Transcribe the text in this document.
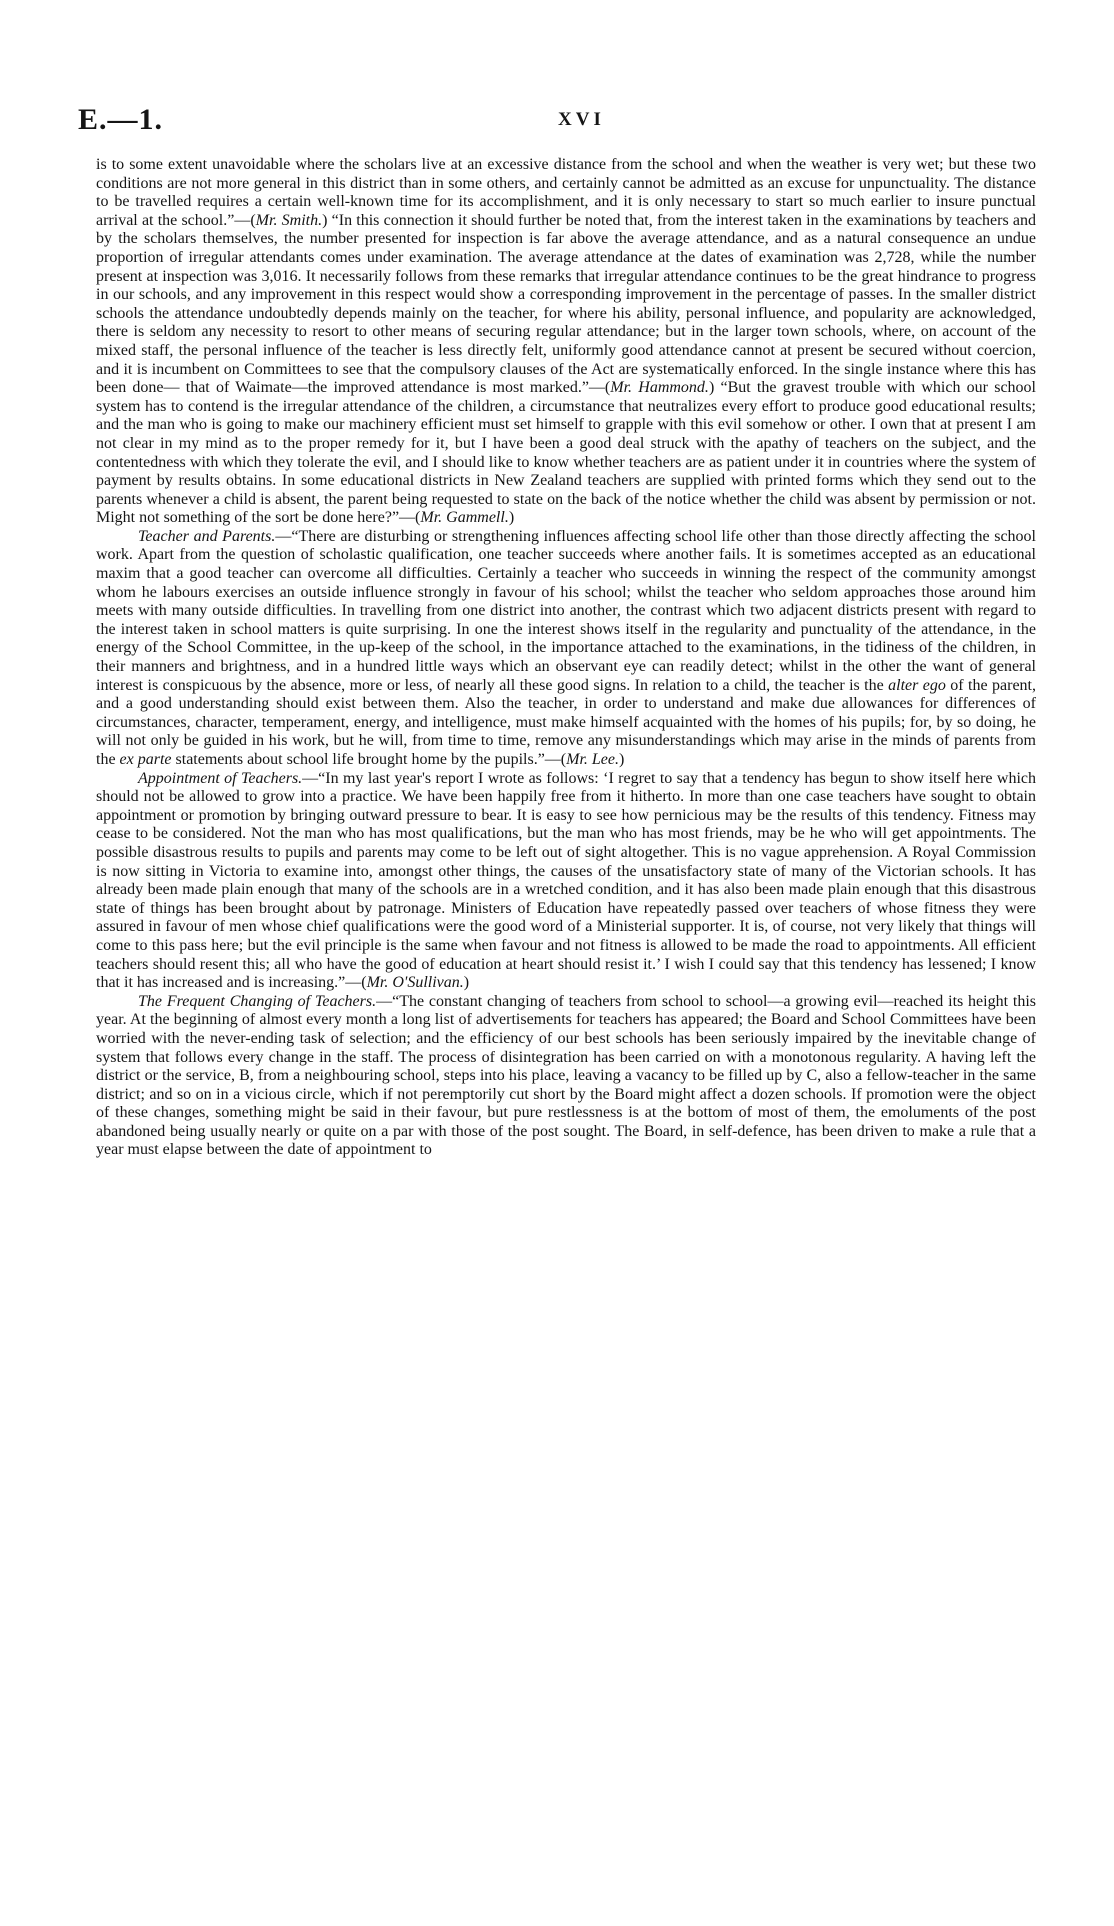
E.—1.	XVI

is to some extent unavoidable where the scholars live at an excessive distance from the school and when the weather is very wet; but these two conditions are not more general in this district than in some others, and certainly cannot be admitted as an excuse for unpunctuality. The distance to be travelled requires a certain well-known time for its accomplishment, and it is only necessary to start so much earlier to insure punctual arrival at the school.”—(Mr. Smith.) “In this connection it should further be noted that, from the interest taken in the examinations by teachers and by the scholars themselves, the number presented for inspection is far above the average attendance, and as a natural consequence an undue proportion of irregular attendants comes under examination. The average attendance at the dates of examination was 2,728, while the number present at inspection was 3,016. It necessarily follows from these remarks that irregular attendance continues to be the great hindrance to progress in our schools, and any improvement in this respect would show a corresponding improvement in the percentage of passes. In the smaller district schools the attendance undoubtedly depends mainly on the teacher, for where his ability, personal influence, and popularity are acknowledged, there is seldom any necessity to resort to other means of securing regular attendance; but in the larger town schools, where, on account of the mixed staff, the personal influence of the teacher is less directly felt, uniformly good attendance cannot at present be secured without coercion, and it is incumbent on Committees to see that the compulsory clauses of the Act are systematically enforced. In the single instance where this has been done— that of Waimate—the improved attendance is most marked.”—(Mr. Hammond.) “But the gravest trouble with which our school system has to contend is the irregular attendance of the children, a circumstance that neutralizes every effort to produce good educational results; and the man who is going to make our machinery efficient must set himself to grapple with this evil somehow or other. I own that at present I am not clear in my mind as to the proper remedy for it, but I have been a good deal struck with the apathy of teachers on the subject, and the contentedness with which they tolerate the evil, and I should like to know whether teachers are as patient under it in countries where the system of payment by results obtains. In some educational districts in New Zealand teachers are supplied with printed forms which they send out to the parents whenever a child is absent, the parent being requested to state on the back of the notice whether the child was absent by permission or not. Might not something of the sort be done here?”—(Mr. Gammell.)

Teacher and Parents.—“There are disturbing or strengthening influences affecting school life other than those directly affecting the school work. Apart from the question of scholastic qualification, one teacher succeeds where another fails. It is sometimes accepted as an educational maxim that a good teacher can overcome all difficulties. Certainly a teacher who succeeds in winning the respect of the community amongst whom he labours exercises an outside influence strongly in favour of his school; whilst the teacher who seldom approaches those around him meets with many outside difficulties. In travelling from one district into another, the contrast which two adjacent districts present with regard to the interest taken in school matters is quite surprising. In one the interest shows itself in the regularity and punctuality of the attendance, in the energy of the School Committee, in the up-keep of the school, in the importance attached to the examinations, in the tidiness of the children, in their manners and brightness, and in a hundred little ways which an observant eye can readily detect; whilst in the other the want of general interest is conspicuous by the absence, more or less, of nearly all these good signs. In relation to a child, the teacher is the alter ego of the parent, and a good understanding should exist between them. Also the teacher, in order to understand and make due allowances for differences of circumstances, character, temperament, energy, and intelligence, must make himself acquainted with the homes of his pupils; for, by so doing, he will not only be guided in his work, but he will, from time to time, remove any misunderstandings which may arise in the minds of parents from the ex parte statements about school life brought home by the pupils.”—(Mr. Lee.)

Appointment of Teachers.—“In my last year's report I wrote as follows: ‘I regret to say that a tendency has begun to show itself here which should not be allowed to grow into a practice. We have been happily free from it hitherto. In more than one case teachers have sought to obtain appointment or promotion by bringing outward pressure to bear. It is easy to see how pernicious may be the results of this tendency. Fitness may cease to be considered. Not the man who has most qualifications, but the man who has most friends, may be he who will get appointments. The possible disastrous results to pupils and parents may come to be left out of sight altogether. This is no vague apprehension. A Royal Commission is now sitting in Victoria to examine into, amongst other things, the causes of the unsatisfactory state of many of the Victorian schools. It has already been made plain enough that many of the schools are in a wretched condition, and it has also been made plain enough that this disastrous state of things has been brought about by patronage. Ministers of Education have repeatedly passed over teachers of whose fitness they were assured in favour of men whose chief qualifications were the good word of a Ministerial supporter. It is, of course, not very likely that things will come to this pass here; but the evil principle is the same when favour and not fitness is allowed to be made the road to appointments. All efficient teachers should resent this; all who have the good of education at heart should resist it.’ I wish I could say that this tendency has lessened; I know that it has increased and is increasing.”—(Mr. O'Sullivan.)

The Frequent Changing of Teachers.—“The constant changing of teachers from school to school—a growing evil—reached its height this year. At the beginning of almost every month a long list of advertisements for teachers has appeared; the Board and School Committees have been worried with the never-ending task of selection; and the efficiency of our best schools has been seriously impaired by the inevitable change of system that follows every change in the staff. The process of disintegration has been carried on with a monotonous regularity. A having left the district or the service, B, from a neighbouring school, steps into his place, leaving a vacancy to be filled up by C, also a fellow-teacher in the same district; and so on in a vicious circle, which if not peremptorily cut short by the Board might affect a dozen schools. If promotion were the object of these changes, something might be said in their favour, but pure restlessness is at the bottom of most of them, the emoluments of the post abandoned being usually nearly or quite on a par with those of the post sought. The Board, in self-defence, has been driven to make a rule that a year must elapse between the date of appointment to
